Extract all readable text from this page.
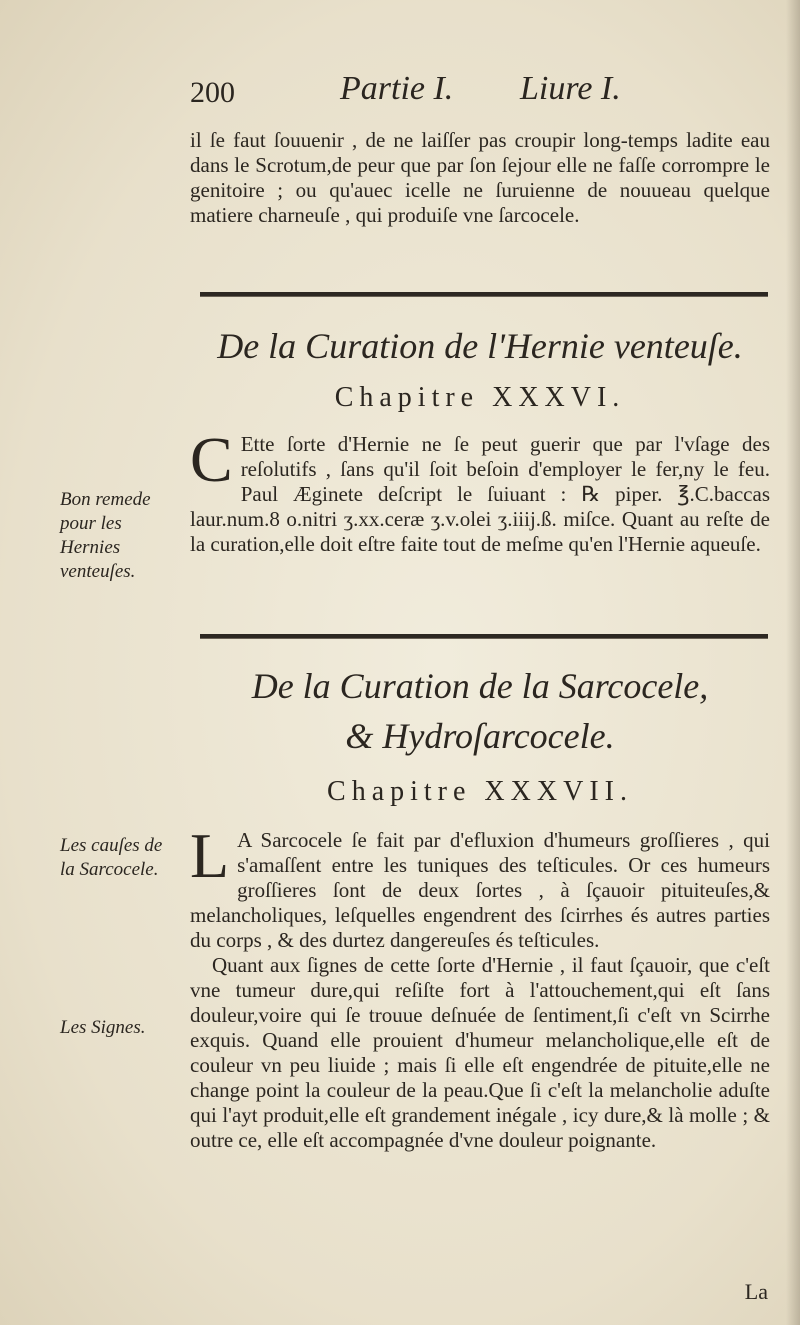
200	Partie I. Liure I.

il ſe faut ſouuenir , de ne laiſſer pas croupir long-temps ladite eau dans le Scrotum,de peur que par ſon ſejour elle ne faſſe corrompre le genitoire ; ou qu'auec icelle ne ſuruienne de nouueau quelque matiere charneuſe , qui produiſe vne ſarcocele.

De la Curation de l'Hernie venteuſe.
Chapitre XXXVI.

C Ette ſorte d'Hernie ne ſe peut guerir que par l'vſage des reſolutifs , ſans qu'il ſoit beſoin d'employer le fer,ny le feu. Paul Æginete deſcript le ſuiuant : ℞ piper. ℥.C.baccas laur.num.8 o.nitri ʒ.xx.ceræ ʒ.v.olei ʒ.iiij.ß. miſce. Quant au reſte de la curation,elle doit eſtre faite tout de meſme qu'en l'Hernie aqueuſe.

Bon remede pour les Hernies venteuſes.
De la Curation de la Sarcocele,
& Hydroſarcocele.
Chapitre XXXVII.

L A Sarcocele ſe fait par d'efluxion d'humeurs groſſieres , qui s'amaſſent entre les tuniques des teſticules. Or ces humeurs groſſieres ſont de deux ſortes , à ſçauoir pituiteuſes,& melancholiques, leſquelles engendrent des ſcirrhes és autres parties du corps , & des durtez dangereuſes és teſticules.

Quant aux ſignes de cette ſorte d'Hernie , il faut ſçauoir, que c'eſt vne tumeur dure,qui reſiſte fort à l'attouchement,qui eſt ſans douleur,voire qui ſe trouue deſnuée de ſentiment,ſi c'eſt vn Scirrhe exquis. Quand elle prouient d'humeur melancholique,elle eſt de couleur vn peu liuide ; mais ſi elle eſt engendrée de pituite,elle ne change point la couleur de la peau.Que ſi c'eſt la melancholie aduſte qui l'ayt produit,elle eſt grandement inégale , icy dure,& là molle ; & outre ce, elle eſt accompagnée d'vne douleur poignante.

Les cauſes de la Sarcocele.
Les Signes.
La
